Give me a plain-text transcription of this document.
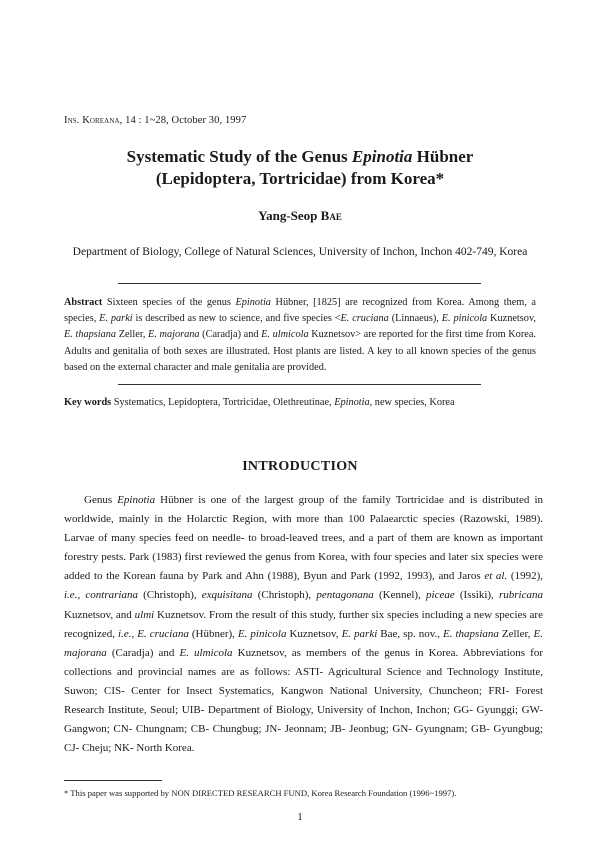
Ins. Koreana, 14 : 1~28, October 30, 1997
Systematic Study of the Genus Epinotia Hübner
(Lepidoptera, Tortricidae) from Korea*
Yang-Seop Bae
Department of Biology, College of Natural Sciences, University of Inchon, Inchon 402-749, Korea
Abstract Sixteen species of the genus Epinotia Hübner, [1825] are recognized from Korea. Among them, a species, E. parki is described as new to science, and five species <E. cruciana (Linnaeus), E. pinicola Kuznetsov, E. thapsiana Zeller, E. majorana (Caradja) and E. ulmicola Kuznetsov> are reported for the first time from Korea. Adults and genitalia of both sexes are illustrated. Host plants are listed. A key to all known species of the genus based on the external character and male genitalia are provided.
Key words Systematics, Lepidoptera, Tortricidae, Olethreutinae, Epinotia, new species, Korea
INTRODUCTION
Genus Epinotia Hübner is one of the largest group of the family Tortricidae and is distributed in worldwide, mainly in the Holarctic Region, with more than 100 Palaearctic species (Razowski, 1989). Larvae of many species feed on needle- to broad-leaved trees, and a part of them are known as important forestry pests. Park (1983) first reviewed the genus from Korea, with four species and later six species were added to the Korean fauna by Park and Ahn (1988), Byun and Park (1992, 1993), and Jaros et al. (1992), i.e., contrariana (Christoph), exquisitana (Christoph), pentagonana (Kennel), piceae (Issiki), rubricana Kuznetsov, and ulmi Kuznetsov. From the result of this study, further six species including a new species are recognized, i.e., E. cruciana (Hübner), E. pinicola Kuznetsov, E. parki Bae, sp. nov., E. thapsiana Zeller, E. majorana (Caradja) and E. ulmicola Kuznetsov, as members of the genus in Korea. Abbreviations for collections and provincial names are as follows: ASTI- Agricultural Science and Technology Institute, Suwon; CIS- Center for Insect Systematics, Kangwon National University, Chuncheon; FRI- Forest Research Institute, Seoul; UIB- Department of Biology, University of Inchon, Inchon; GG- Gyunggi; GW- Gangwon; CN- Chungnam; CB- Chungbug; JN- Jeonnam; JB- Jeonbug; GN- Gyungnam; GB- Gyungbug; CJ- Cheju; NK- North Korea.
* This paper was supported by NON DIRECTED RESEARCH FUND, Korea Research Foundation (1996~1997).
1
